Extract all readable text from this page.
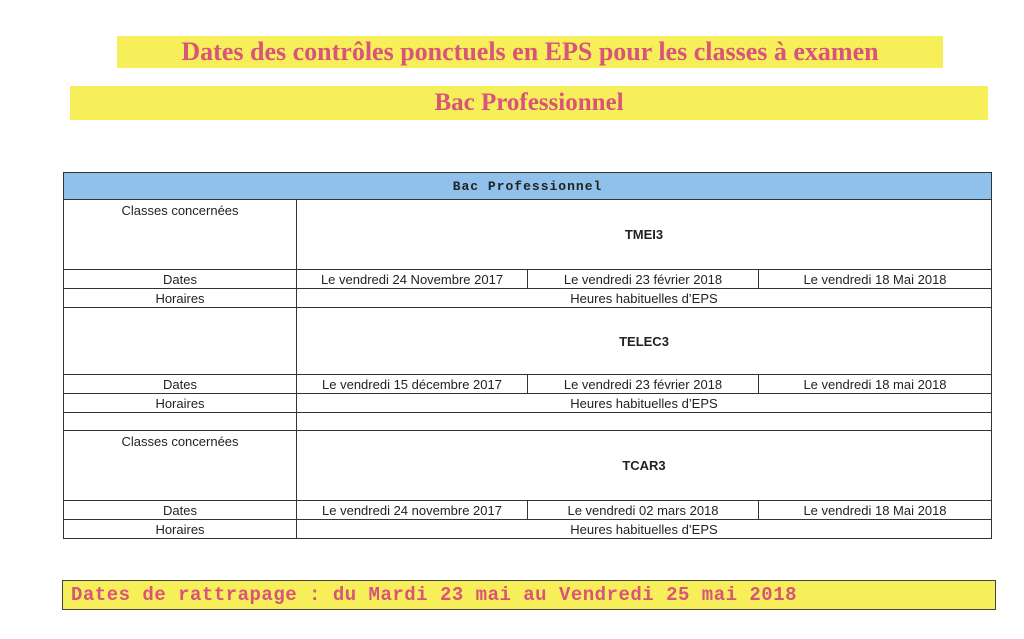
Dates des contrôles ponctuels en EPS pour les classes à examen
Bac Professionnel
Bac Professionnel			
Classes concernées	TMEI3		
Dates	Le vendredi 24 Novembre 2017	Le vendredi 23 février 2018	Le vendredi 18 Mai 2018
Horaires	Heures habituelles d’EPS		
	TELEC3		
Dates	Le vendredi 15 décembre 2017	Le vendredi 23 février 2018	Le vendredi 18 mai 2018
Horaires	Heures habituelles d’EPS		

Classes concernées	TCAR3		
Dates	Le vendredi 24 novembre 2017	Le vendredi 02 mars 2018	Le vendredi 18 Mai 2018
Horaires	Heures habituelles d’EPS		
Dates de rattrapage : du Mardi 23 mai au Vendredi 25 mai 2018
